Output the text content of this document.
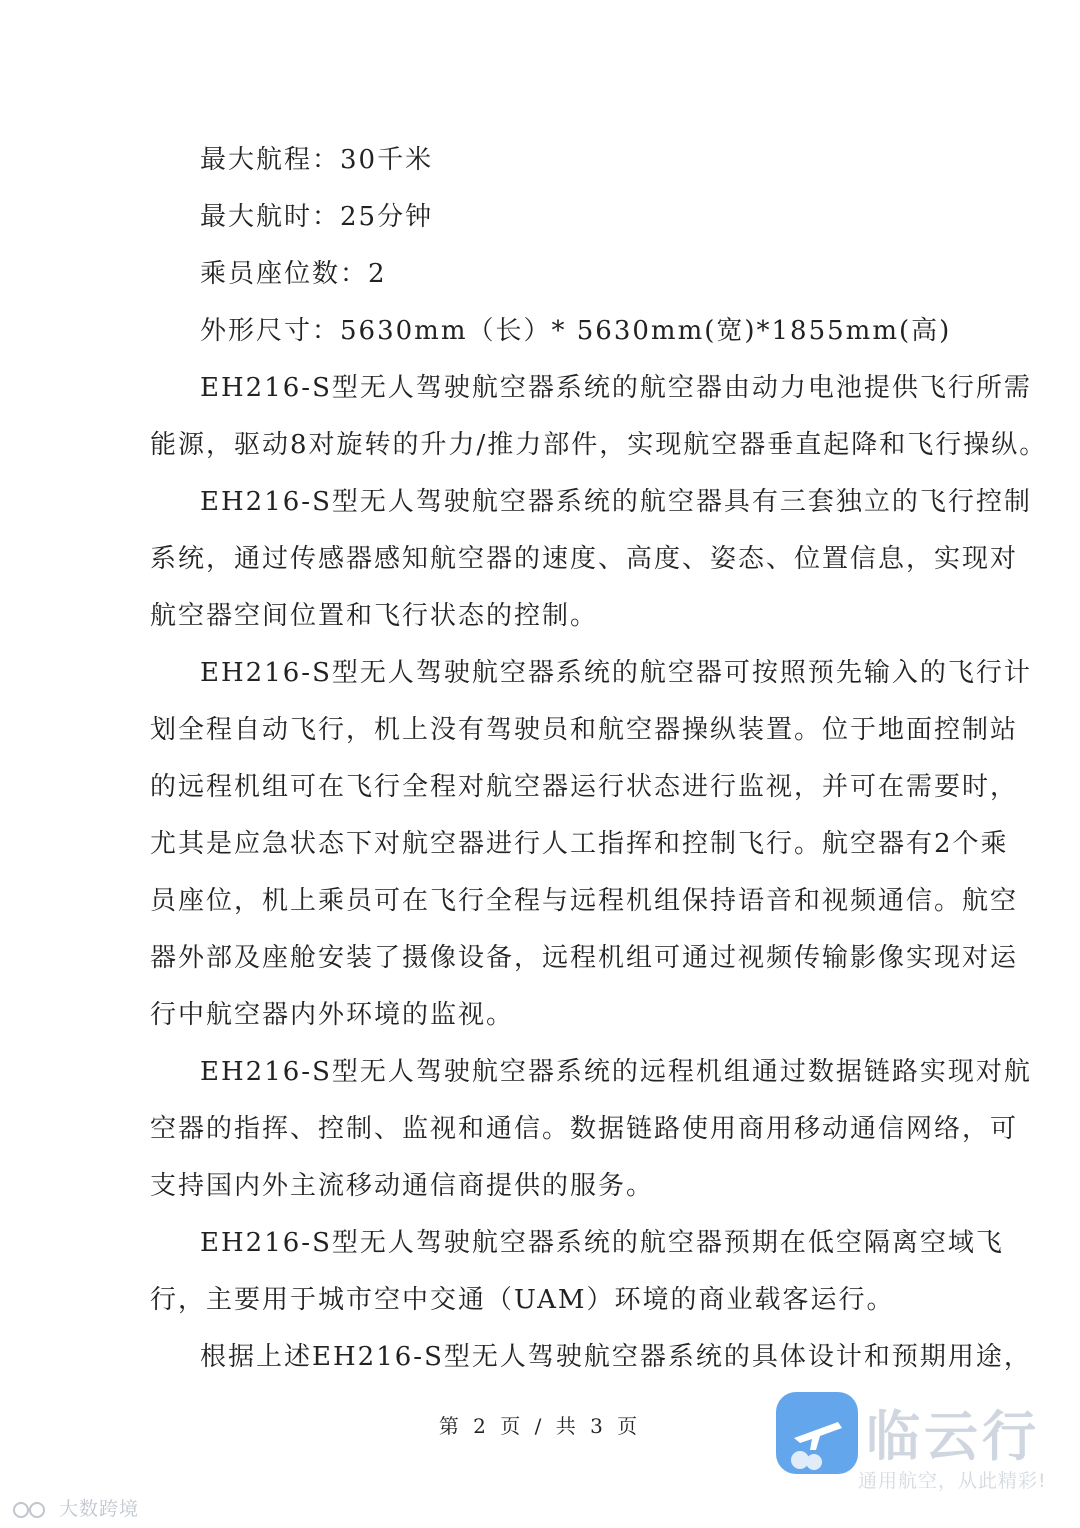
最大航程：30千米

最大航时：25分钟

乘员座位数：2

外形尺寸：5630mm（长）* 5630mm(宽)*1855mm(高)

EH216-S型无人驾驶航空器系统的航空器由动力电池提供飞行所需

能源，驱动8对旋转的升力/推力部件，实现航空器垂直起降和飞行操纵。

EH216-S型无人驾驶航空器系统的航空器具有三套独立的飞行控制

系统，通过传感器感知航空器的速度、高度、姿态、位置信息，实现对

航空器空间位置和飞行状态的控制。

EH216-S型无人驾驶航空器系统的航空器可按照预先输入的飞行计

划全程自动飞行，机上没有驾驶员和航空器操纵装置。位于地面控制站

的远程机组可在飞行全程对航空器运行状态进行监视，并可在需要时，

尤其是应急状态下对航空器进行人工指挥和控制飞行。航空器有2个乘

员座位，机上乘员可在飞行全程与远程机组保持语音和视频通信。航空

器外部及座舱安装了摄像设备，远程机组可通过视频传输影像实现对运

行中航空器内外环境的监视。

EH216-S型无人驾驶航空器系统的远程机组通过数据链路实现对航

空器的指挥、控制、监视和通信。数据链路使用商用移动通信网络，可

支持国内外主流移动通信商提供的服务。

EH216-S型无人驾驶航空器系统的航空器预期在低空隔离空域飞

行，主要用于城市空中交通（UAM）环境的商业载客运行。

根据上述EH216-S型无人驾驶航空器系统的具体设计和预期用途，

第 2 页 / 共 3 页	临云行
通用航空，从此精彩!
大数跨境
